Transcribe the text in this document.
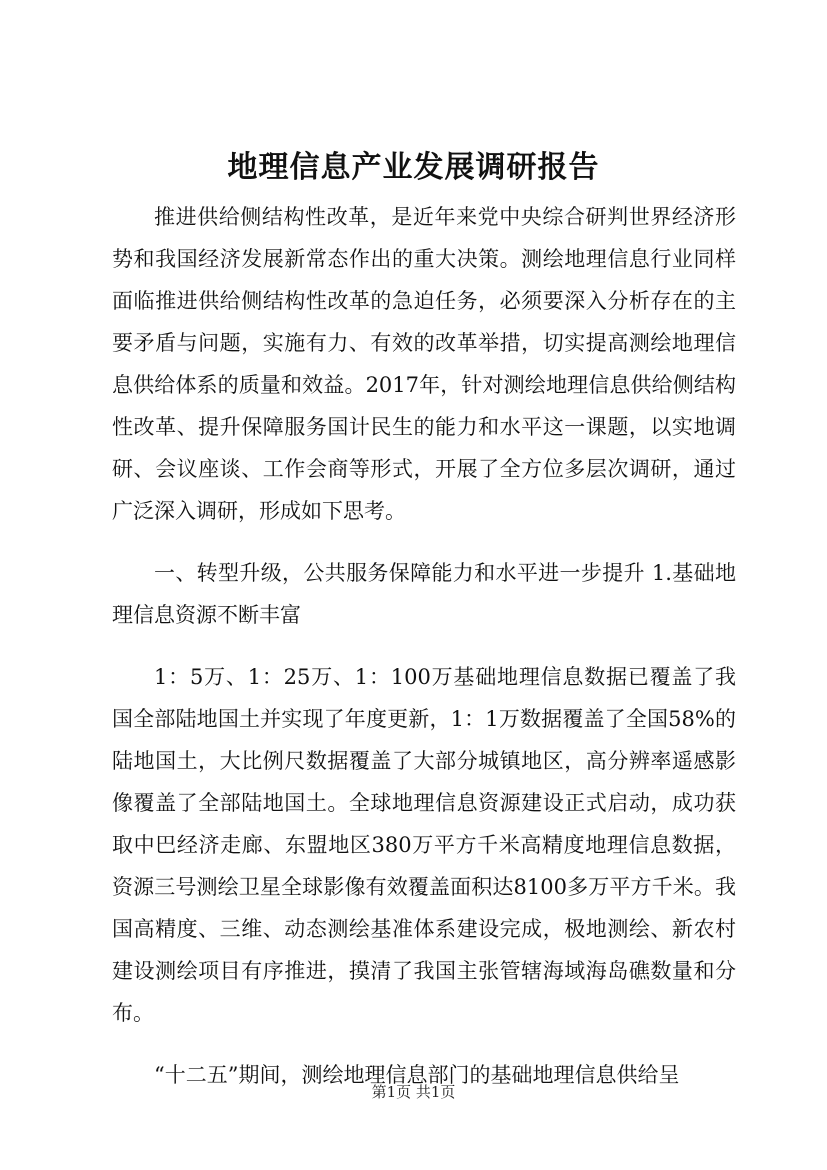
地理信息产业发展调研报告

推进供给侧结构性改革，是近年来党中央综合研判世界经济形势和我国经济发展新常态作出的重大决策。测绘地理信息行业同样面临推进供给侧结构性改革的急迫任务，必须要深入分析存在的主要矛盾与问题，实施有力、有效的改革举措，切实提高测绘地理信息供给体系的质量和效益。2017年，针对测绘地理信息供给侧结构性改革、提升保障服务国计民生的能力和水平这一课题，以实地调研、会议座谈、工作会商等形式，开展了全方位多层次调研，通过广泛深入调研，形成如下思考。

一、转型升级，公共服务保障能力和水平进一步提升 1.基础地理信息资源不断丰富

1：5万、1：25万、1：100万基础地理信息数据已覆盖了我国全部陆地国土并实现了年度更新，1：1万数据覆盖了全国58%的陆地国土，大比例尺数据覆盖了大部分城镇地区，高分辨率遥感影像覆盖了全部陆地国土。全球地理信息资源建设正式启动，成功获取中巴经济走廊、东盟地区380万平方千米高精度地理信息数据，资源三号测绘卫星全球影像有效覆盖面积达8100多万平方千米。我国高精度、三维、动态测绘基准体系建设完成，极地测绘、新农村建设测绘项目有序推进，摸清了我国主张管辖海域海岛礁数量和分布。

“十二五”期间，测绘地理信息部门的基础地理信息供给呈

第1页 共1页
